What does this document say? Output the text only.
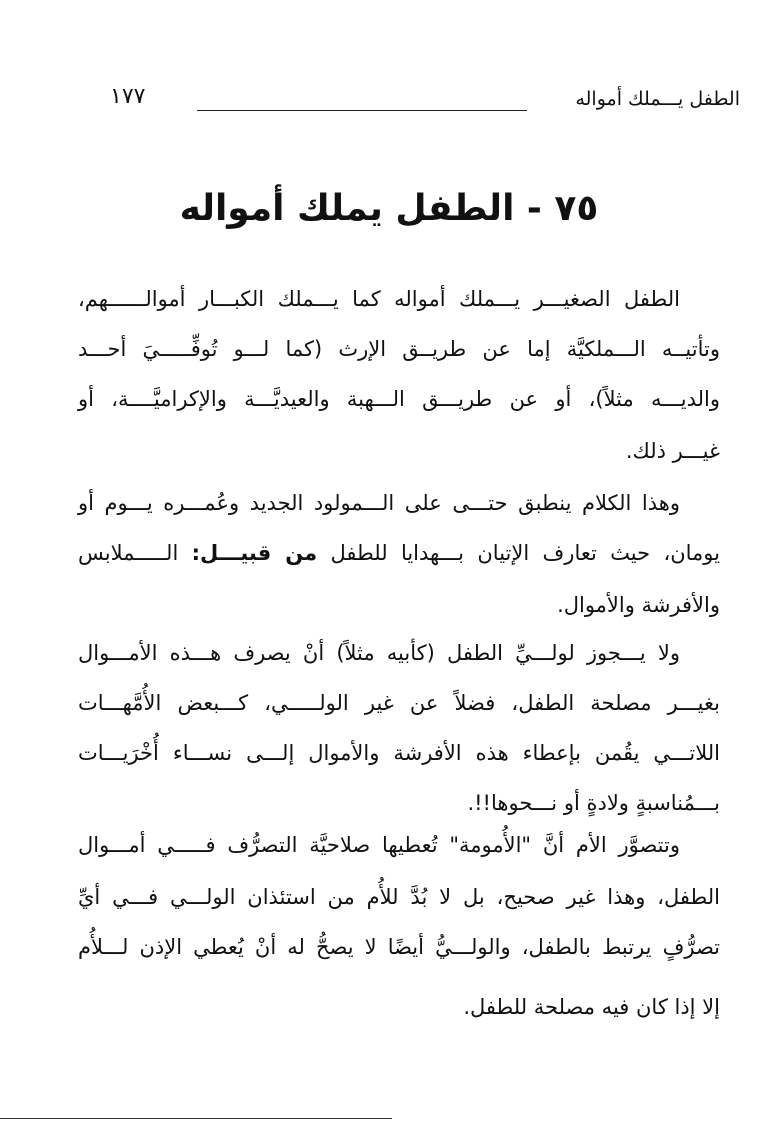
الطفل يـــملك أمواله
١٧٧
٧٥ - الطفل يملك أمواله
الطفل الصغيـــر يـــملك أمواله كما يـــملك الكبـــار أموالــــــهم،
وتأتيــه الـــملكيَّة إما عن طريــق الإرث (كما لـــو تُوفِّـــــيَ أحـــد
والديـــه مثلاً)، أو عن طريـــق الـــهبة والعيديَّـــة والإكراميَّــــة، أو
غيـــر ذلك.
وهذا الكلام ينطبق حتـــى على الـــمولود الجديد وعُمـــره يـــوم أو
يومان، حيث تعارف الإتيان بـــهدايا للطفل من قبيـــل: الـــــملابس
والأفرشة والأموال.
ولا يـــجوز لولـــيِّ الطفل (كأبيه مثلاً) أنْ يصرف هـــذه الأمـــوال
بغيـــر مصلحة الطفل، فضلاً عن غير الولـــــي، كـــبعض الأُمَّهـــات
اللاتـــي يقُمن بإعطاء هذه الأفرشة والأموال إلـــى نســـاء أُخْرَيـــات
بـــمُناسبةٍ ولادةٍ أو نـــحوها!!.
وتتصوَّر الأم أنَّ "الأُمومة" تُعطيها صلاحيَّة التصرُّف فـــــي أمـــوال
الطفل، وهذا غير صحيح، بل لا بُدَّ للأُم من استئذان الولـــي فـــي أيِّ
تصرُّفٍ يرتبط بالطفل، والولـــيُّ أيضًا لا يصحُّ له أنْ يُعطي الإذن لـــلأُم
إلا إذا كان فيه مصلحة للطفل.
